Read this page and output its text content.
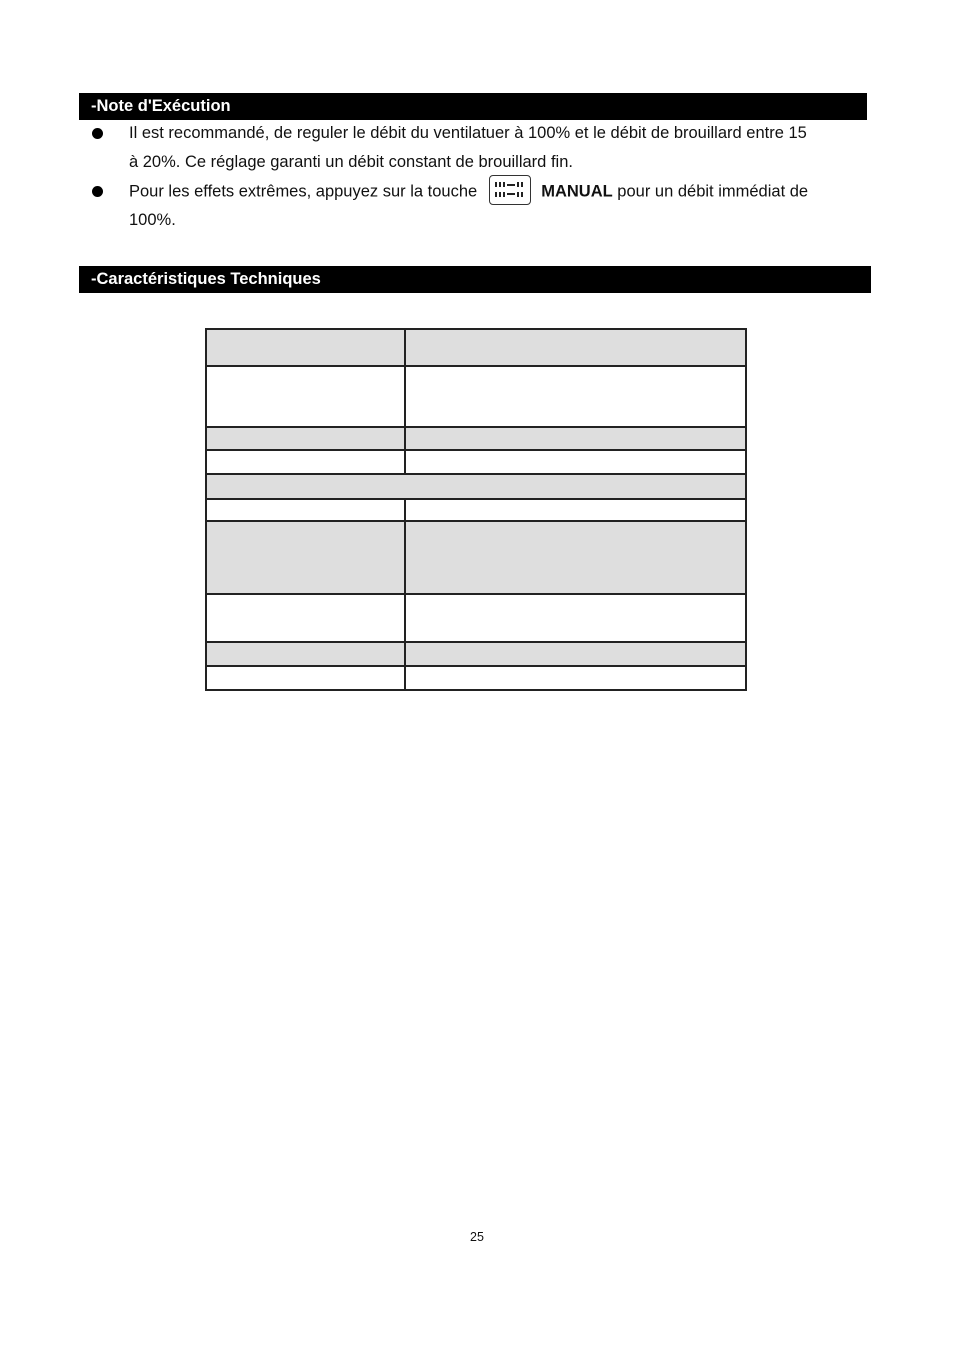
-Note d'Exécution

Il est recommandé, de reguler le débit du ventilatuer à 100% et le débit de brouillard entre 15

à 20%. Ce réglage garanti un débit constant de brouillard fin.

Pour les effets extrêmes, appuyez sur la touche	MANUAL pour un débit immédiat de

100%.

-Caractéristiques Techniques

25
